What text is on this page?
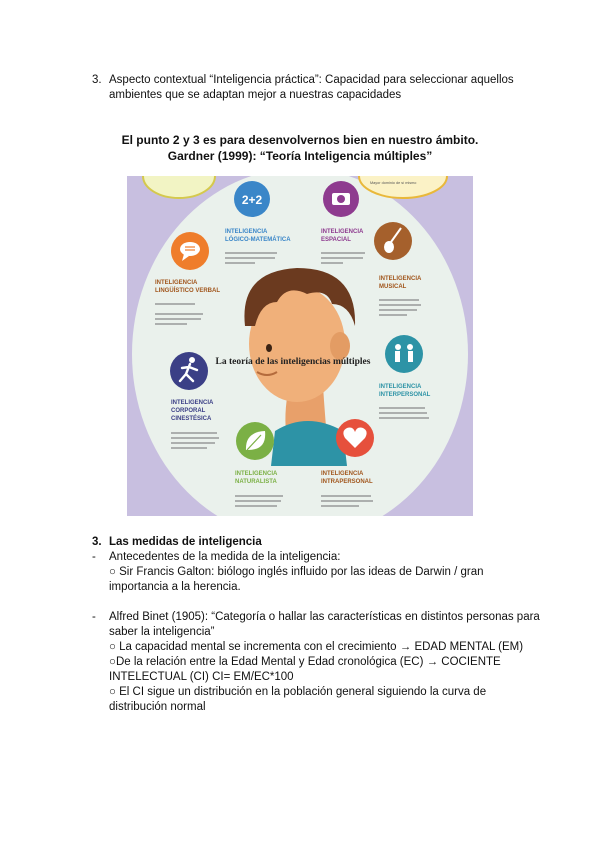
3. Aspecto contextual “Inteligencia práctica”: Capacidad para seleccionar aquellos

ambientes que se adaptan mejor a nuestras capacidades

El punto 2 y 3 es para desenvolvernos bien en nuestro ámbito.
Gardner (1999): “Teoría Inteligencia múltiples”
Mayor dominio de sí mismo
2+2
INTELIGENCIA
LÓGICO-MATEMÁTICA
INTELIGENCIA
ESPACIAL
INTELIGENCIA
LINGÜÍSTICO VERBAL
INTELIGENCIA
MUSICAL
La teoría de las inteligencias múltiples
INTELIGENCIA
INTERPERSONAL
INTELIGENCIA
CORPORAL
CINESTÉSICA
INTELIGENCIA
NATURALISTA
INTELIGENCIA
INTRAPERSONAL
3. Las medidas de inteligencia

- Antecedentes de la medida de la inteligencia:

○ Sir Francis Galton: biólogo inglés influido por las ideas de Darwin / gran

importancia a la herencia.

- Alfred Binet (1905): “Categoría o hallar las características en distintos personas para

saber la inteligencia”

○ La capacidad mental se incrementa con el crecimiento → EDAD MENTAL (EM)

○De la relación entre la Edad Mental y Edad cronológica (EC) → COCIENTE

INTELECTUAL (CI) CI= EM/EC*100

○ El CI sigue un distribución en la población general siguiendo la curva de

distribución normal
